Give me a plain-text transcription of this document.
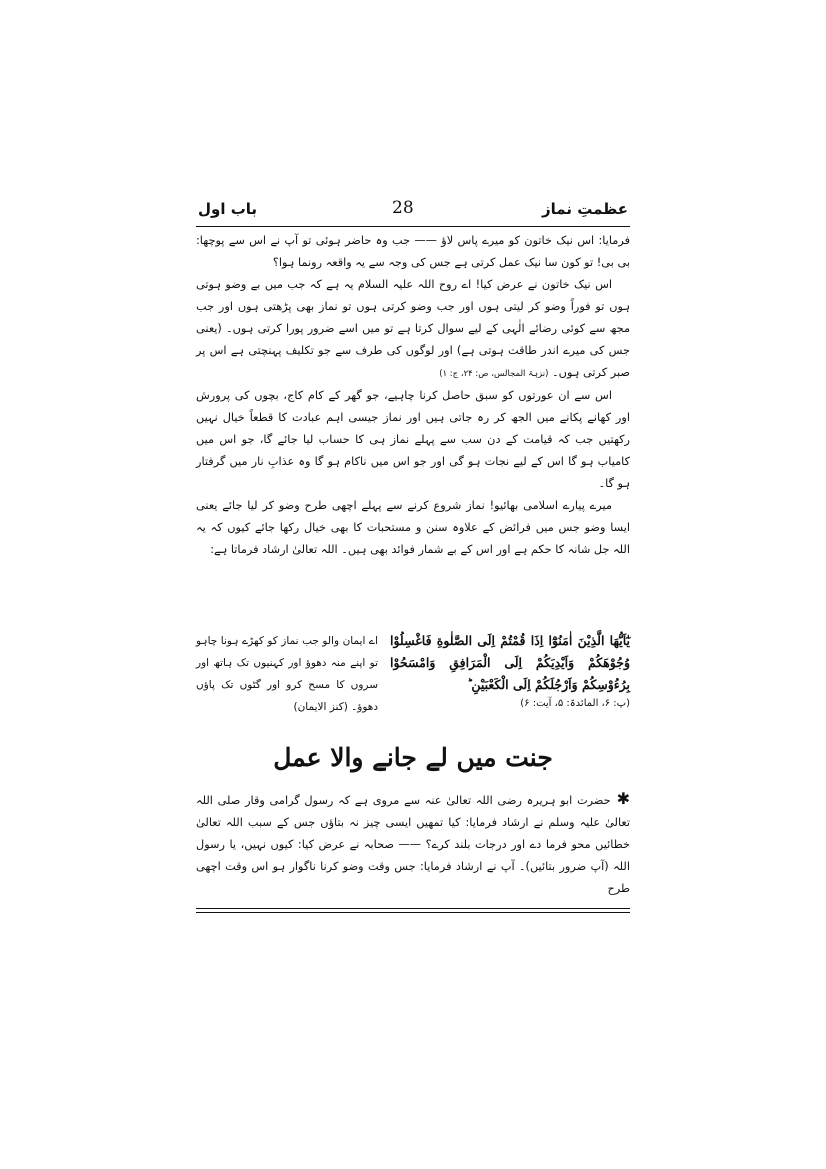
عظمتِ نماز
28
باب اول

فرمایا: اس نیک خاتون کو میرے پاس لاؤ —— جب وہ حاضر ہوئی تو آپ نے اس سے پوچھا: بی بی! تو کون سا نیک عمل کرتی ہے جس کی وجہ سے یہ واقعہ رونما ہوا؟

اس نیک خاتون نے عرض کیا! اے روح اللہ علیہ السلام یہ ہے کہ جب میں بے وضو ہوتی ہوں تو فوراً وضو کر لیتی ہوں اور جب وضو کرتی ہوں تو نماز بھی پڑھتی ہوں اور جب مجھ سے کوئی رضائے الٰہی کے لیے سوال کرتا ہے تو میں اسے ضرور پورا کرتی ہوں۔ (یعنی جس کی میرے اندر طاقت ہوتی ہے) اور لوگوں کی طرف سے جو تکلیف پہنچتی ہے اس پر صبر کرتی ہوں۔ (نزہۃ المجالس، ص: ۲۴، ج: ۱)

اس سے ان عورتوں کو سبق حاصل کرنا چاہیے، جو گھر کے کام کاج، بچوں کی پرورش اور کھانے پکانے میں الجھ کر رہ جاتی ہیں اور نماز جیسی اہم عبادت کا قطعاً خیال نہیں رکھتیں جب کہ قیامت کے دن سب سے پہلے نماز ہی کا حساب لیا جائے گا، جو اس میں کامیاب ہو گا اس کے لیے نجات ہو گی اور جو اس میں ناکام ہو گا وہ عذابِ نار میں گرفتار ہو گا۔

میرے پیارے اسلامی بھائیو! نماز شروع کرنے سے پہلے اچھی طرح وضو کر لیا جائے یعنی ایسا وضو جس میں فرائض کے علاوہ سنن و مستحبات کا بھی خیال رکھا جائے کیوں کہ یہ اللہ جل شانہ کا حکم ہے اور اس کے بے شمار فوائد بھی ہیں۔ اللہ تعالیٰ ارشاد فرماتا ہے:

يٰٓاَيُّهَا الَّذِيْنَ اٰمَنُوْٓا اِذَا قُمْتُمْ اِلَى الصَّلٰوةِ فَاغْسِلُوْا وُجُوْهَكُمْ وَاَيْدِيَكُمْ اِلَى الْمَرَافِقِ وَامْسَحُوْا بِرُءُوْسِكُمْ وَاَرْجُلَكُمْ اِلَى الْكَعْبَيْنِ ؕ
(پ: ۶، المائدۃ: ۵، آیت: ۶)
اے ایمان والو جب نماز کو کھڑے ہونا چاہو تو اپنے منہ دھوؤ اور کہنیوں تک ہاتھ اور سروں کا مسح کرو اور گٹوں تک پاؤں دھوؤ۔ (کنز الایمان)
جنت میں لے جانے والا عمل
✱حضرت ابو ہریرہ رضی اللہ تعالیٰ عنہ سے مروی ہے کہ رسول گرامی وقار صلی اللہ تعالیٰ علیہ وسلم نے ارشاد فرمایا: کیا تمھیں ایسی چیز نہ بتاؤں جس کے سبب اللہ تعالیٰ خطائیں محو فرما دے اور درجات بلند کرے؟ —— صحابہ نے عرض کیا: کیوں نہیں، یا رسول اللہ (آپ ضرور بتائیں)۔ آپ نے ارشاد فرمایا: جس وقت وضو کرنا ناگوار ہو اس وقت اچھی طرح
